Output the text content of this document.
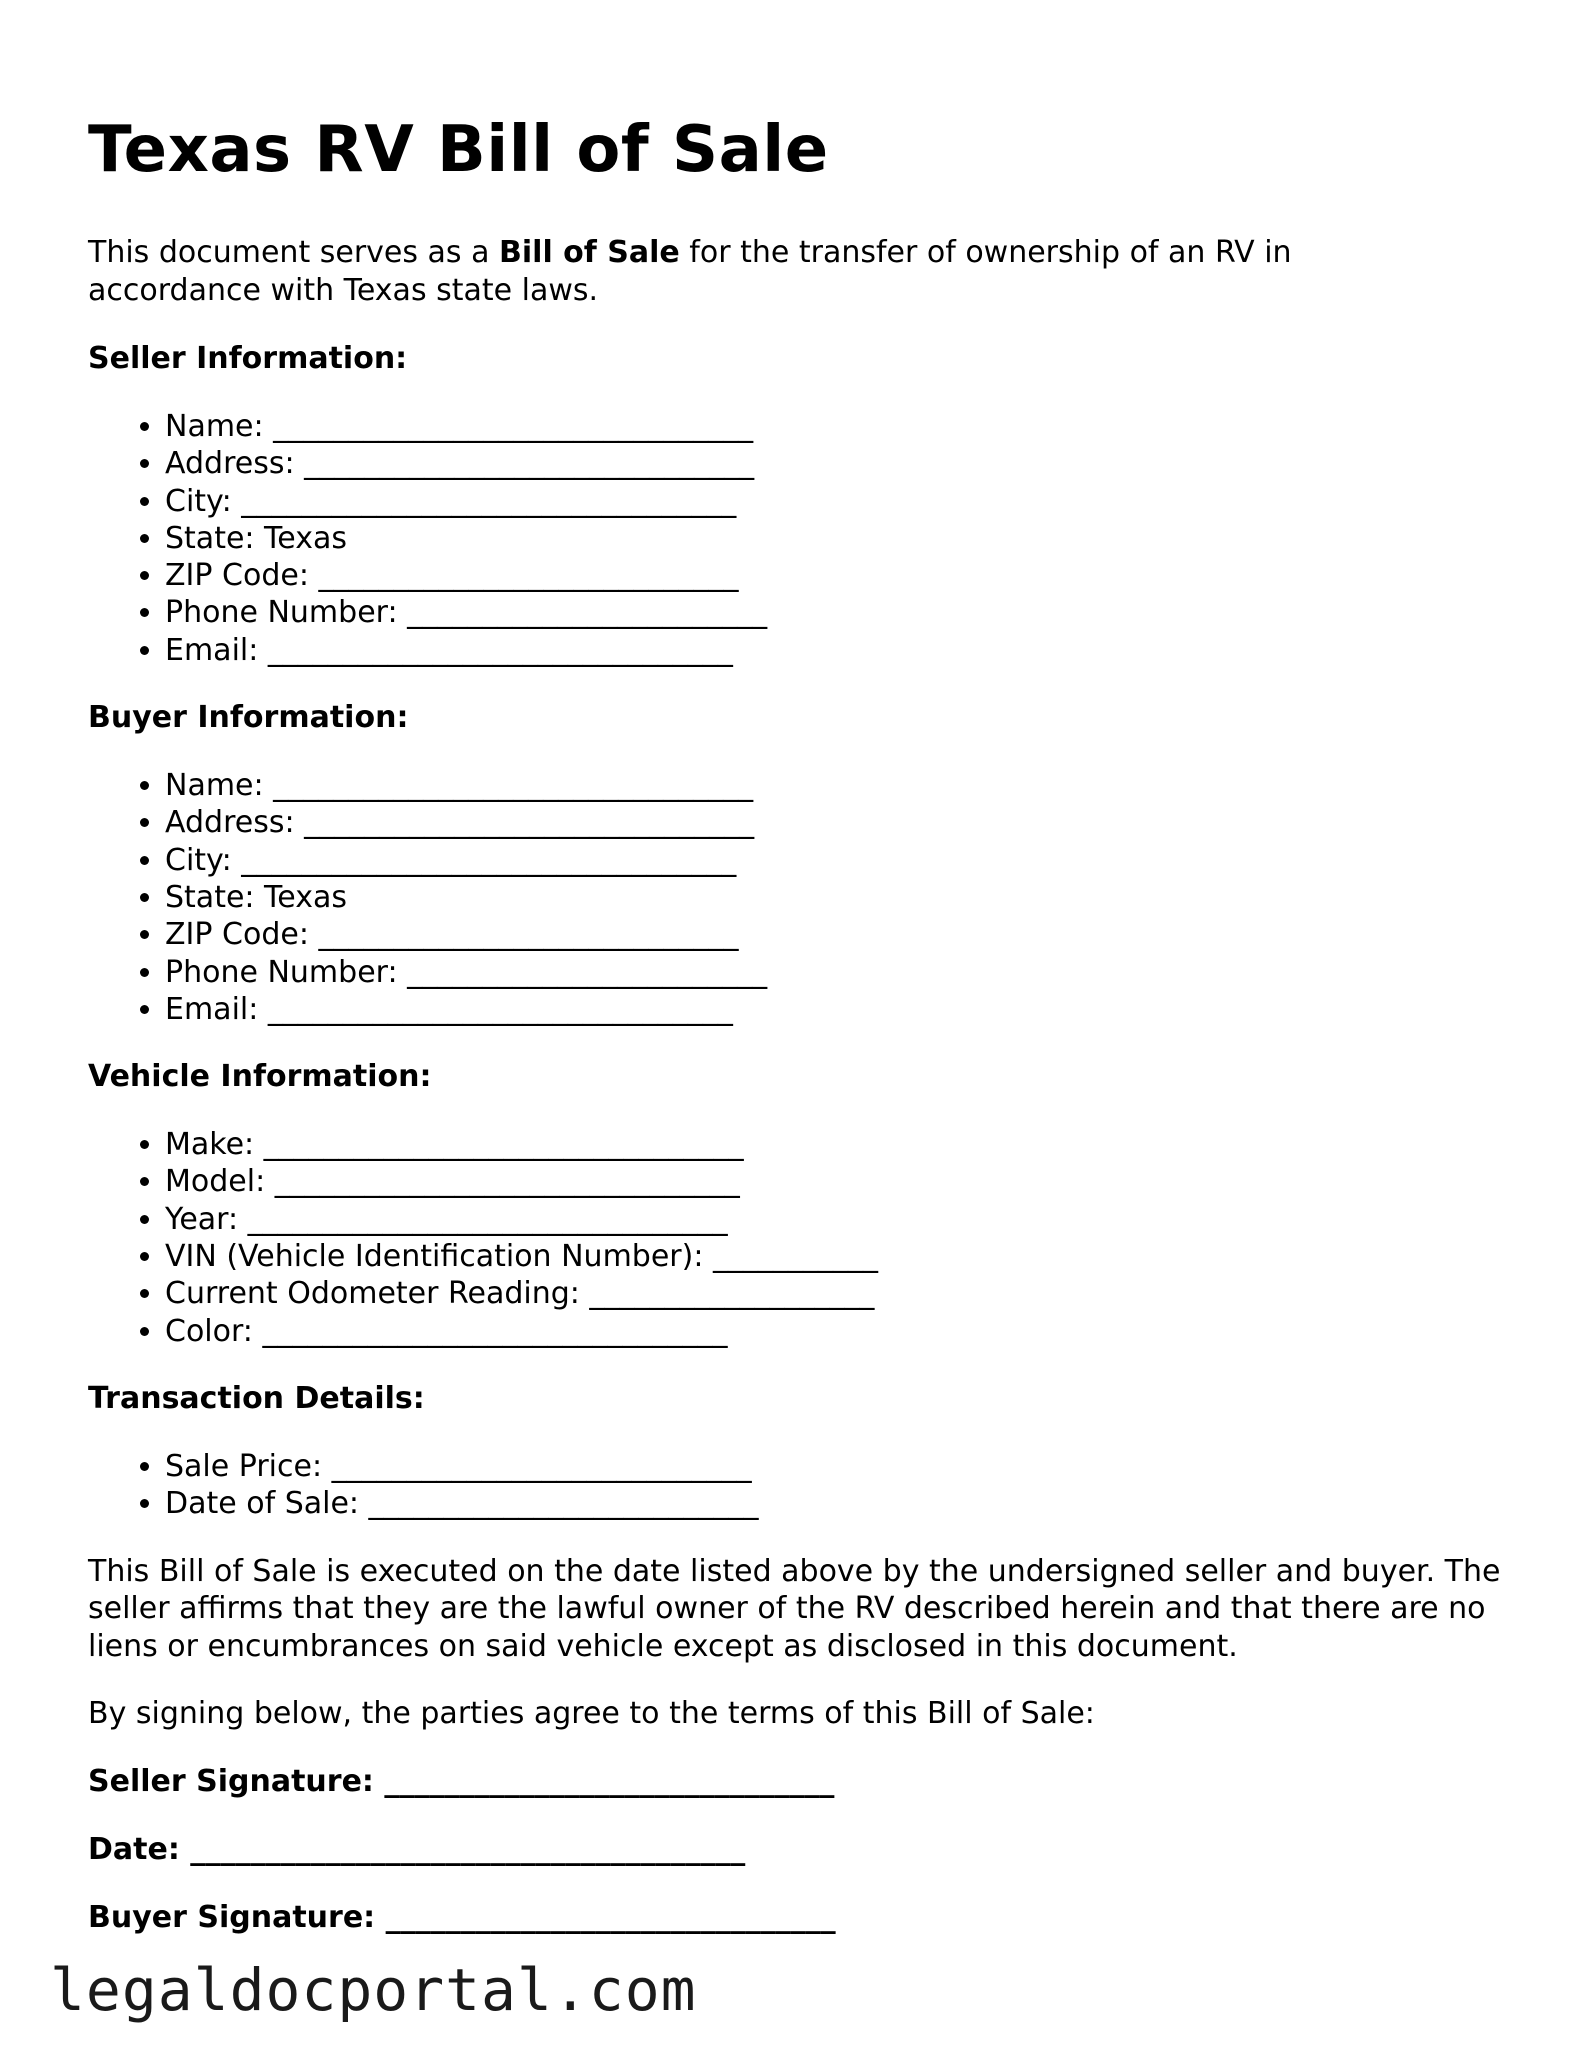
Texas RV Bill of Sale

This document serves as a Bill of Sale for the transfer of ownership of an RV in accordance with Texas state laws.

Seller Information:
• Name: ________________________________
• Address: ______________________________
• City: _________________________________
• State: Texas
• ZIP Code: ____________________________
• Phone Number: ________________________
• Email: _______________________________
Buyer Information:
• Name: ________________________________
• Address: ______________________________
• City: _________________________________
• State: Texas
• ZIP Code: ____________________________
• Phone Number: ________________________
• Email: _______________________________
Vehicle Information:
• Make: ________________________________
• Model: _______________________________
• Year: ________________________________
• VIN (Vehicle Identification Number): ___________
• Current Odometer Reading: ___________________
• Color: _______________________________
Transaction Details:
• Sale Price: ____________________________
• Date of Sale: __________________________

This Bill of Sale is executed on the date listed above by the undersigned seller and buyer. The seller affirms that they are the lawful owner of the RV described herein and that there are no liens or encumbrances on said vehicle except as disclosed in this document.

By signing below, the parties agree to the terms of this Bill of Sale:

Seller Signature: ______________________________
Date: _____________________________________
Buyer Signature: ______________________________
legaldocportal.com
